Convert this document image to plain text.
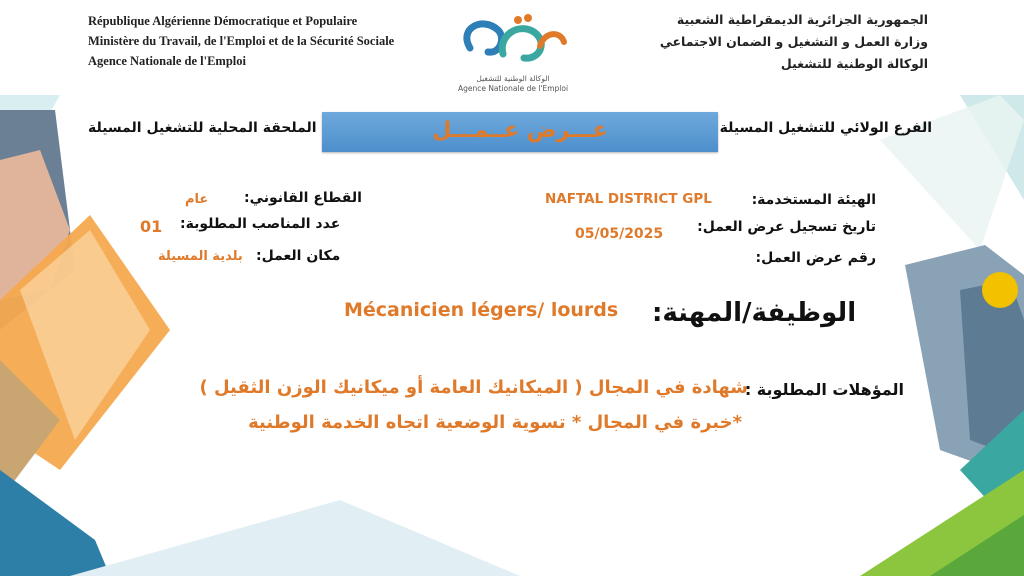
République Algérienne Démocratique et Populaire
Ministère du Travail, de l'Emploi et de la Sécurité Sociale
Agence Nationale de l'Emploi
الجمهورية الجزائرية الديمقراطية الشعبية
وزارة العمل و التشغيل و الضمان الاجتماعي
الوكالة الوطنية للتشغيل
الوكالة الوطنية للتشغيل
Agence Nationale de l'Emploi
عـــرض عــمـــل	الفرع الولائي للتشغيل المسيلة
الملحقة المحلية للتشغيل المسيلة
الهيئة المستخدمة:
NAFTAL DISTRICT GPL
تاريخ تسجيل عرض العمل:
05/05/2025
رقم عرض العمل:
القطاع القانوني:
عام
عدد المناصب المطلوبة:
01
مكان العمل:
بلدية المسيلة
الوظيفة/المهنة:
Mécanicien légers/ lourds
المؤهلات المطلوبة :
شهادة في المجال ( الميكانيك العامة أو ميكانيك الوزن الثقيل )
*خبرة في المجال * تسوية الوضعية اتجاه الخدمة الوطنية
